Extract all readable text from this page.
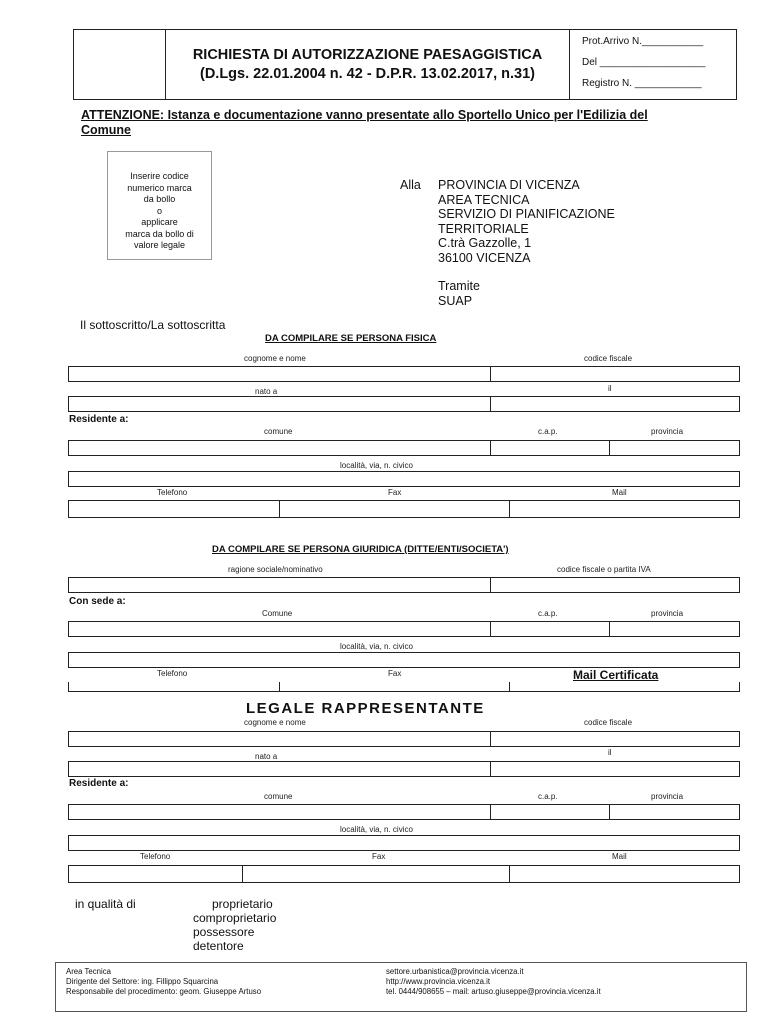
RICHIESTA DI AUTORIZZAZIONE PAESAGGISTICA
(D.Lgs. 22.01.2004 n. 42 - D.P.R. 13.02.2017, n.31)
Prot.Arrivo N.___________
Del ___________________
Registro N. ____________
ATTENZIONE: Istanza e documentazione vanno presentate allo Sportello Unico per l'Edilizia del Comune
Inserire codice
numerico marca
da bollo
o
applicare
marca da bollo di
valore legale
Alla PROVINCIA DI VICENZA
AREA TECNICA
SERVIZIO DI PIANIFICAZIONE
TERRITORIALE
C.trà Gazzolle, 1
36100 VICENZA
Tramite
SUAP
Il sottoscritto/La sottoscritta
DA COMPILARE SE PERSONA FISICA
cognome e nome	codice fiscale
nato a	il
Residente a:
comune	c.a.p.	provincia
località, via, n. civico
Telefono	Fax	Mail
DA COMPILARE SE PERSONA GIURIDICA (DITTE/ENTI/SOCIETA')
ragione sociale/nominativo	codice fiscale o partita IVA
Con sede a:
Comune	c.a.p.	provincia
località, via, n. civico
Telefono	Fax	Mail Certificata
LEGALE RAPPRESENTANTE
cognome e nome	codice fiscale
nato a	il
Residente a:
comune	c.a.p.	provincia
località, via, n. civico
Telefono	Fax	Mail
in qualità di	proprietario
comproprietario
possessore
detentore
Area Tecnica
Dirigente del Settore: ing. Fillippo Squarcina
Responsabile del procedimento: geom. Giuseppe Artuso
settore.urbanistica@provincia.vicenza.it
http://www.provincia.vicenza.it
tel. 0444/908655 – mail: artuso.giuseppe@provincia.vicenza.it
